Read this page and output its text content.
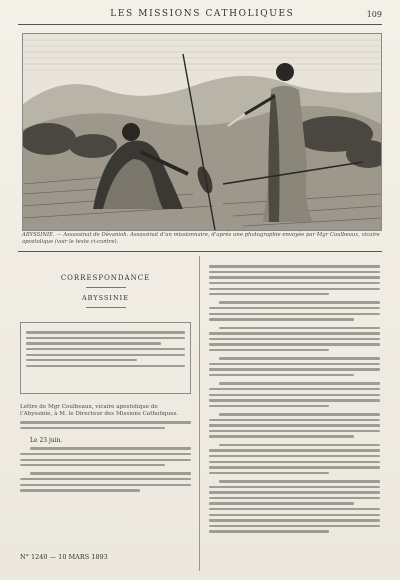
LES MISSIONS CATHOLIQUES	109
ABYSSINIE. — Assassinat de Dévanioh. Assassinat d’un missionnaire, d’après une photographie envoyée par Mgr Coulbeaux, vicaire apostolique (voir le texte ci-contre).
CORRESPONDANCE
ABYSSINIE
Lettre de Mgr Coulbeaux, vicaire apostolique de l’Abyssinie, à M. le Directeur des Missions Catholiques.
Le 23 juin.
N° 1240 — 10 MARS 1893
